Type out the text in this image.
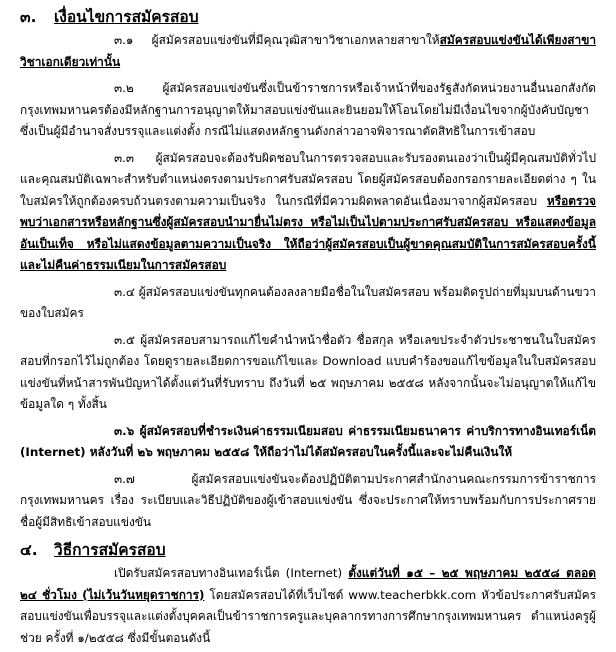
๓.	เงื่อนไขการสมัครสอบ

๓.๑ ผู้สมัครสอบแข่งขันที่มีคุณวุฒิสาขาวิชาเอกหลายสาขาให้สมัครสอบแข่งขันได้เพียงสาขาวิชาเอกเดียวเท่านั้น

๓.๒ ผู้สมัครสอบแข่งขันซึ่งเป็นข้าราชการหรือเจ้าหน้าที่ของรัฐสังกัดหน่วยงานอื่นนอกสังกัดกรุงเทพมหานครต้องมีหลักฐานการอนุญาตให้มาสอบแข่งขันและยินยอมให้โอนโดยไม่มีเงื่อนไขจากผู้บังคับบัญชาซึ่งเป็นผู้มีอำนาจสั่งบรรจุและแต่งตั้ง กรณีไม่แสดงหลักฐานดังกล่าวอาจพิจารณาตัดสิทธิในการเข้าสอบ

๓.๓ ผู้สมัครสอบจะต้องรับผิดชอบในการตรวจสอบและรับรองตนเองว่าเป็นผู้มีคุณสมบัติทั่วไปและคุณสมบัติเฉพาะสำหรับตำแหน่งตรงตามประกาศรับสมัครสอบ โดยผู้สมัครสอบต้องกรอกรายละเอียดต่าง ๆ ในใบสมัครให้ถูกต้องครบถ้วนตรงตามความเป็นจริง ในกรณีที่มีความผิดพลาดอันเนื่องมาจากผู้สมัครสอบ หรือตรวจพบว่าเอกสารหรือหลักฐานซึ่งผู้สมัครสอบนำมายื่นไม่ตรง หรือไม่เป็นไปตามประกาศรับสมัครสอบ หรือแสดงข้อมูลอันเป็นเท็จ หรือไม่แสดงข้อมูลตามความเป็นจริง ให้ถือว่าผู้สมัครสอบเป็นผู้ขาดคุณสมบัติในการสมัครสอบครั้งนี้ และไม่คืนค่าธรรมเนียมในการสมัครสอบ

๓.๔ ผู้สมัครสอบแข่งขันทุกคนต้องลงลายมือชื่อในใบสมัครสอบ พร้อมติดรูปถ่ายที่มุมบนด้านขวาของใบสมัคร

๓.๕ ผู้สมัครสอบสามารถแก้ไขคำนำหน้าชื่อตัว ชื่อสกุล หรือเลขประจำตัวประชาชนในใบสมัครสอบที่กรอกไว้ไม่ถูกต้อง โดยดูรายละเอียดการขอแก้ไขและ Download แบบคำร้องขอแก้ไขข้อมูลในใบสมัครสอบแข่งขันที่หน้าสารพันปัญหาได้ตั้งแต่วันที่รับทราบ ถึงวันที่ ๒๕ พฤษภาคม ๒๕๕๘ หลังจากนั้นจะไม่อนุญาตให้แก้ไขข้อมูลใด ๆ ทั้งสิ้น

๓.๖ ผู้สมัครสอบที่ชำระเงินค่าธรรมเนียมสอบ ค่าธรรมเนียมธนาคาร ค่าบริการทางอินเทอร์เน็ต (Internet) หลังวันที่ ๒๖ พฤษภาคม ๒๕๕๘ ให้ถือว่าไม่ได้สมัครสอบในครั้งนี้และจะไม่คืนเงินให้

๓.๗ ผู้สมัครสอบแข่งขันจะต้องปฏิบัติตามประกาศสำนักงานคณะกรรมการข้าราชการกรุงเทพมหานคร เรื่อง ระเบียบและวิธีปฏิบัติของผู้เข้าสอบแข่งขัน ซึ่งจะประกาศให้ทราบพร้อมกับการประกาศรายชื่อผู้มีสิทธิเข้าสอบแข่งขัน

๔.	วิธีการสมัครสอบ

เปิดรับสมัครสอบทางอินเทอร์เน็ต (Internet) ตั้งแต่วันที่ ๑๕ – ๒๕ พฤษภาคม ๒๕๕๘ ตลอด ๒๔ ชั่วโมง (ไม่เว้นวันหยุดราชการ) โดยสมัครสอบได้ที่เว็บไซต์ www.teacherbkk.com หัวข้อประกาศรับสมัครสอบแข่งขันเพื่อบรรจุและแต่งตั้งบุคคลเป็นข้าราชการครูและบุคลากรทางการศึกษากรุงเทพมหานคร ตำแหน่งครูผู้ช่วย ครั้งที่ ๑/๒๕๕๘ ซึ่งมีขั้นตอนดังนี้
